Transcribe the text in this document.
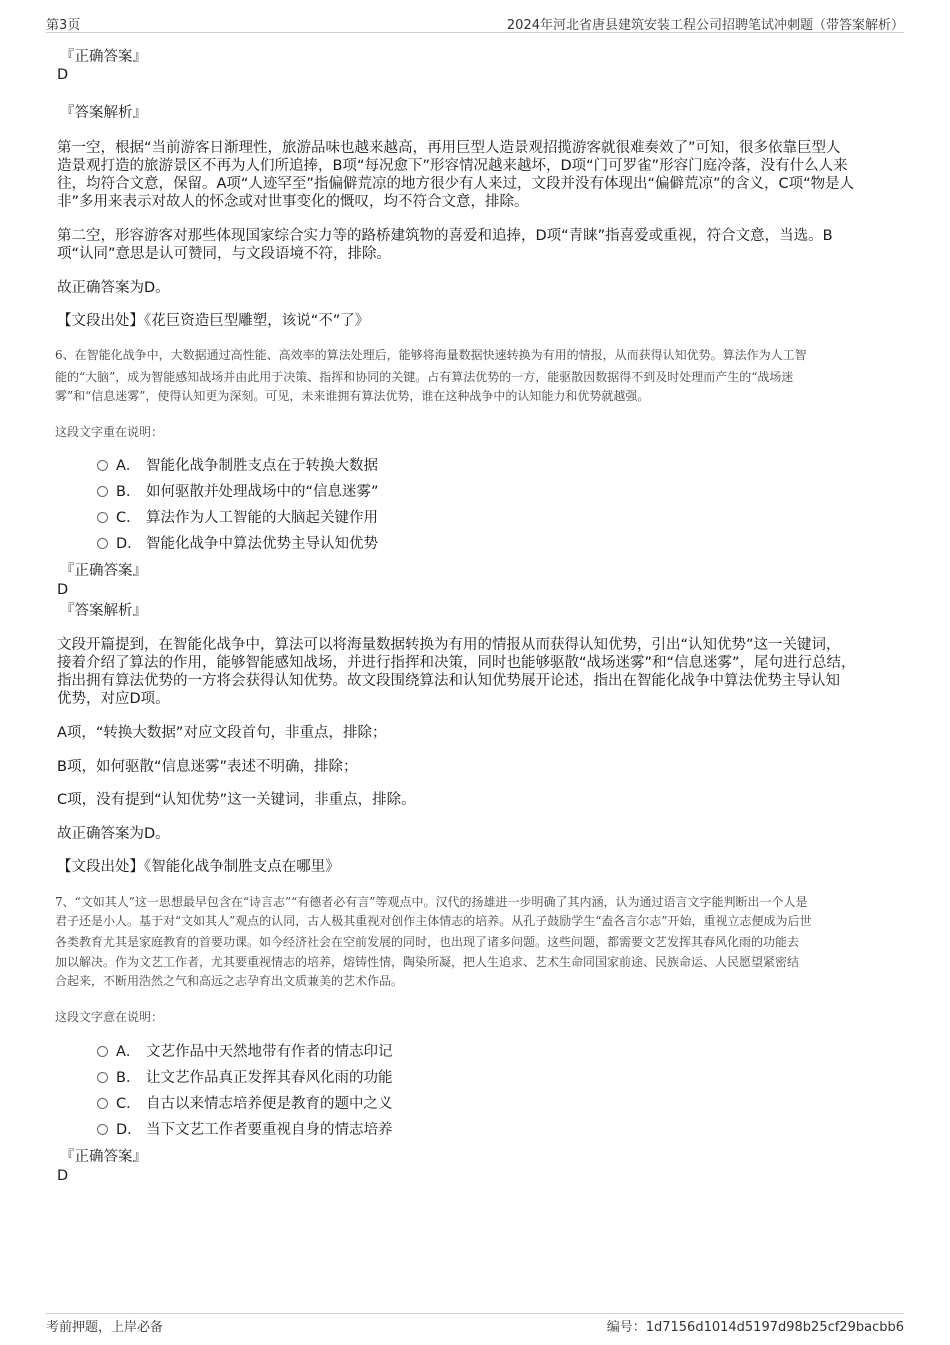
第3页	2024年河北省唐县建筑安装工程公司招聘笔试冲刺题（带答案解析）
『正确答案』
D
『答案解析』
第一空，根据“当前游客日渐理性，旅游品味也越来越高，再用巨型人造景观招揽游客就很难奏效了”可知，很多依靠巨型人
造景观打造的旅游景区不再为人们所追捧，B项“每况愈下”形容情况越来越坏，D项“门可罗雀”形容门庭冷落，没有什么人来
往，均符合文意，保留。A项“人迹罕至”指偏僻荒凉的地方很少有人来过，文段并没有体现出“偏僻荒凉”的含义，C项“物是人
非”多用来表示对故人的怀念或对世事变化的慨叹，均不符合文意，排除。
第二空，形容游客对那些体现国家综合实力等的路桥建筑物的喜爱和追捧，D项“青睐”指喜爱或重视，符合文意，当选。B
项“认同”意思是认可赞同，与文段语境不符，排除。
故正确答案为D。
【文段出处】《花巨资造巨型雕塑，该说“不”了》
6、在智能化战争中，大数据通过高性能、高效率的算法处理后，能够将海量数据快速转换为有用的情报，从而获得认知优势。算法作为人工智
能的“大脑”，成为智能感知战场并由此用于决策、指挥和协同的关键。占有算法优势的一方，能驱散因数据得不到及时处理而产生的“战场迷
雾”和“信息迷雾”，使得认知更为深刻。可见，未来谁拥有算法优势，谁在这种战争中的认知能力和优势就越强。
这段文字重在说明：
A． 智能化战争制胜支点在于转换大数据
B． 如何驱散并处理战场中的“信息迷雾”
C． 算法作为人工智能的大脑起关键作用
D． 智能化战争中算法优势主导认知优势
『正确答案』
D
『答案解析』
文段开篇提到，在智能化战争中，算法可以将海量数据转换为有用的情报从而获得认知优势，引出“认知优势”这一关键词，
接着介绍了算法的作用，能够智能感知战场，并进行指挥和决策，同时也能够驱散“战场迷雾”和“信息迷雾”，尾句进行总结，
指出拥有算法优势的一方将会获得认知优势。故文段围绕算法和认知优势展开论述，指出在智能化战争中算法优势主导认知
优势，对应D项。
A项，“转换大数据”对应文段首句，非重点，排除；
B项，如何驱散“信息迷雾”表述不明确，排除；
C项，没有提到“认知优势”这一关键词，非重点，排除。
故正确答案为D。
【文段出处】《智能化战争制胜支点在哪里》
7、“文如其人”这一思想最早包含在“诗言志”“有德者必有言”等观点中。汉代的扬雄进一步明确了其内涵，认为通过语言文字能判断出一个人是
君子还是小人。基于对“文如其人”观点的认同，古人极其重视对创作主体情志的培养。从孔子鼓励学生“盍各言尔志”开始，重视立志便成为后世
各类教育尤其是家庭教育的首要功课。如今经济社会在空前发展的同时，也出现了诸多问题。这些问题，都需要文艺发挥其春风化雨的功能去
加以解决。作为文艺工作者，尤其要重视情志的培养，熔铸性情，陶染所凝，把人生追求、艺术生命同国家前途、民族命运、人民愿望紧密结
合起来，不断用浩然之气和高远之志孕育出文质兼美的艺术作品。
这段文字意在说明：
A． 文艺作品中天然地带有作者的情志印记
B． 让文艺作品真正发挥其春风化雨的功能
C． 自古以来情志培养便是教育的题中之义
D． 当下文艺工作者要重视自身的情志培养
『正确答案』
D
考前押题，上岸必备	编号：1d7156d1014d5197d98b25cf29bacbb6
